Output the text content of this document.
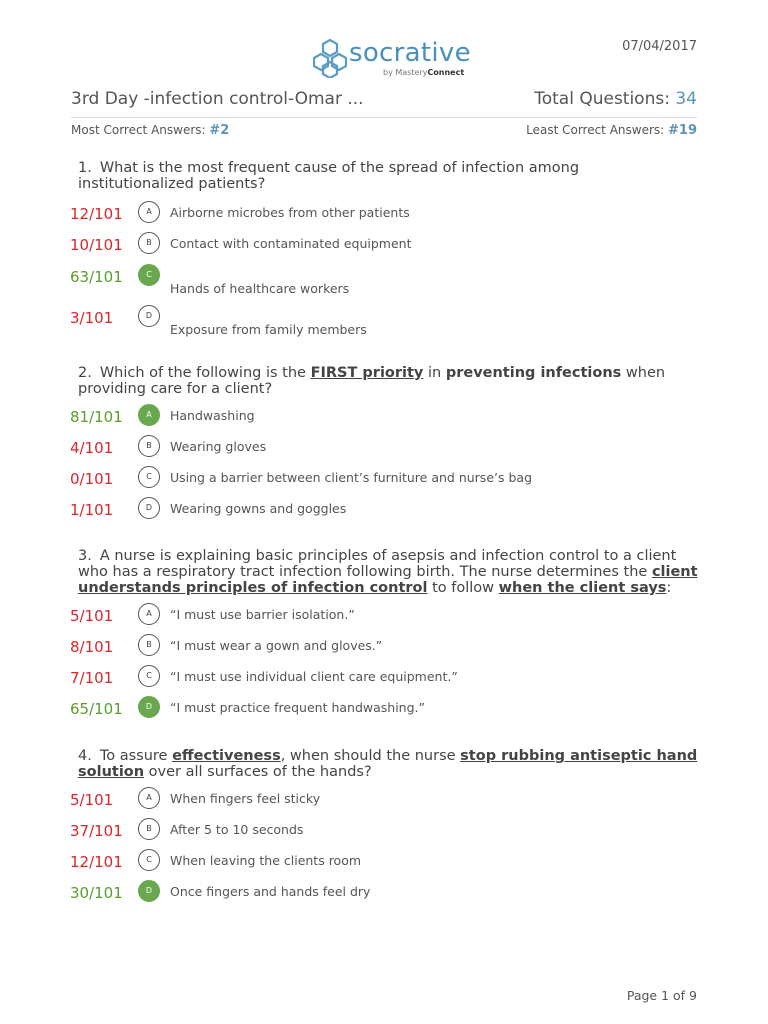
socrative
by MasteryConnect
07/04/2017
3rd Day -infection control-Omar ...	Total Questions: 34
Most Correct Answers: #2	Least Correct Answers: #19
1. What is the most frequent cause of the spread of infection among institutionalized patients?
12/101	A	Airborne microbes from other patients
10/101	B	Contact with contaminated equipment
63/101	C
Hands of healthcare workers
3/101	D
Exposure from family members
2. Which of the following is the FIRST priority in preventing infections when providing care for a client?
81/101	A	Handwashing
4/101	B	Wearing gloves
0/101	C	Using a barrier between client’s furniture and nurse’s bag
1/101	D	Wearing gowns and goggles
3. A nurse is explaining basic principles of asepsis and infection control to a client who has a respiratory tract infection following birth. The nurse determines the client understands principles of infection control to follow when the client says:
5/101	A	“I must use barrier isolation.”
8/101	B	“I must wear a gown and gloves.”
7/101	C	“I must use individual client care equipment.”
65/101	D	“I must practice frequent handwashing.”
4. To assure effectiveness, when should the nurse stop rubbing antiseptic hand solution over all surfaces of the hands?
5/101	A	When fingers feel sticky
37/101	B	After 5 to 10 seconds
12/101	C	When leaving the clients room
30/101	D	Once fingers and hands feel dry
Page 1 of 9
